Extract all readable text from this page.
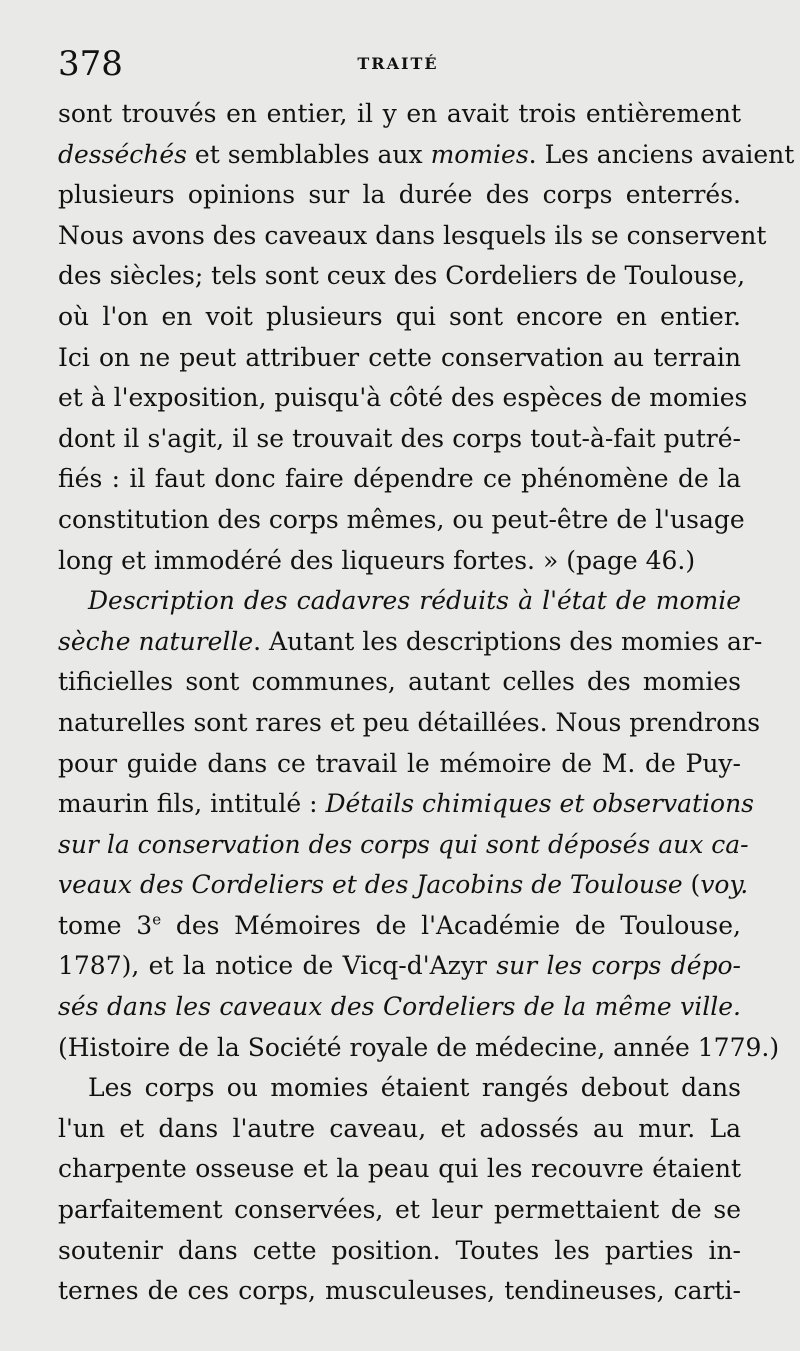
378	TRAITÉ

sont trouvés en entier, il y en avait trois entièrement
desséchés et semblables aux momies. Les anciens avaient
plusieurs opinions sur la durée des corps enterrés.
Nous avons des caveaux dans lesquels ils se conservent
des siècles; tels sont ceux des Cordeliers de Toulouse,
où l'on en voit plusieurs qui sont encore en entier.
Ici on ne peut attribuer cette conservation au terrain
et à l'exposition, puisqu'à côté des espèces de momies
dont il s'agit, il se trouvait des corps tout-à-fait putré-
fiés : il faut donc faire dépendre ce phénomène de la
constitution des corps mêmes, ou peut-être de l'usage
long et immodéré des liqueurs fortes. » (page 46.)

Description des cadavres réduits à l'état de momie
sèche naturelle. Autant les descriptions des momies ar-
tificielles sont communes, autant celles des momies
naturelles sont rares et peu détaillées. Nous prendrons
pour guide dans ce travail le mémoire de M. de Puy-
maurin fils, intitulé : Détails chimiques et observations
sur la conservation des corps qui sont déposés aux ca-
veaux des Cordeliers et des Jacobins de Toulouse (voy.
tome 3e des Mémoires de l'Académie de Toulouse,
1787), et la notice de Vicq-d'Azyr sur les corps dépo-
sés dans les caveaux des Cordeliers de la même ville.
(Histoire de la Société royale de médecine, année 1779.)

Les corps ou momies étaient rangés debout dans
l'un et dans l'autre caveau, et adossés au mur. La
charpente osseuse et la peau qui les recouvre étaient
parfaitement conservées, et leur permettaient de se
soutenir dans cette position. Toutes les parties in-
ternes de ces corps, musculeuses, tendineuses, carti-
